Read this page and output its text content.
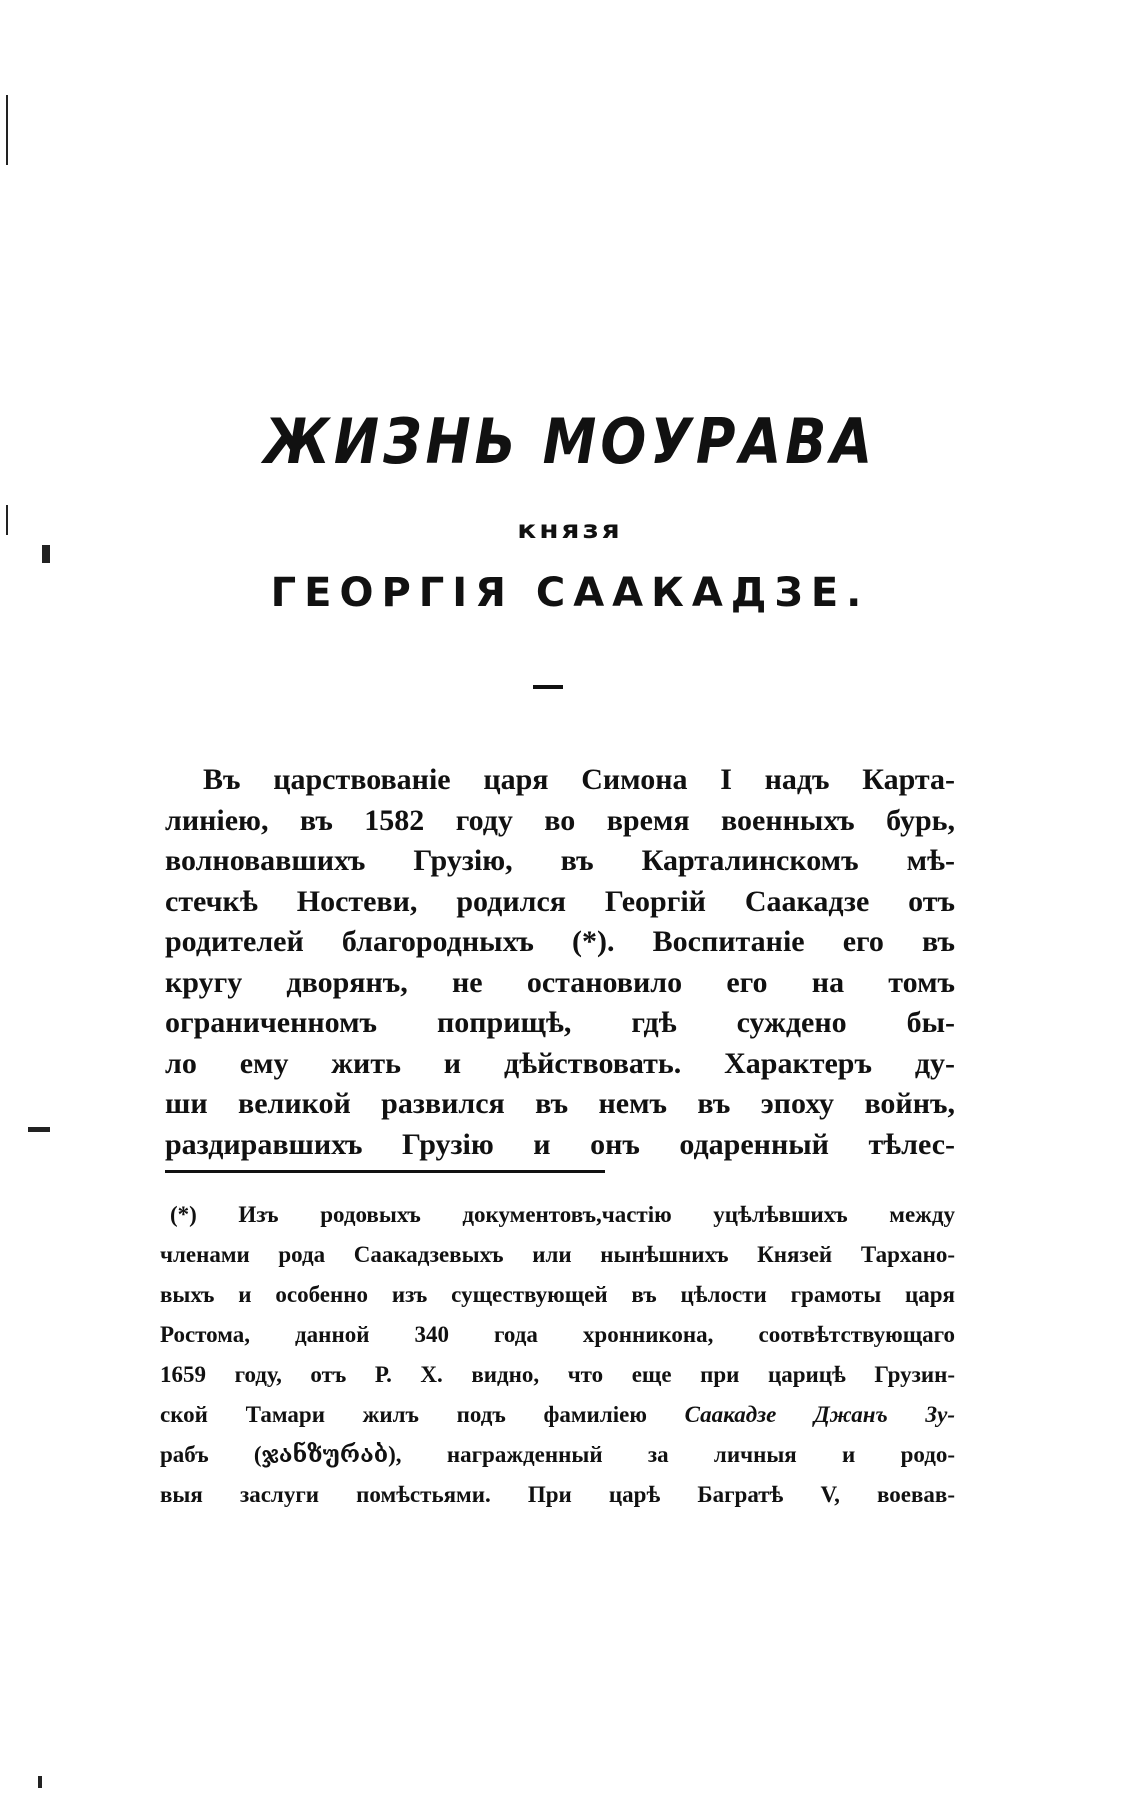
ЖИЗНЬ МОУРАВА
князя
ГЕОРГІЯ СААКАДЗЕ.
Въ царствованіе царя Симона I надъ Карта-
линіею, въ 1582 году во время военныхъ бурь,
волновавшихъ Грузію, въ Карталинскомъ мѣ-
стечкѣ Ностеви, родился Георгій Саакадзе отъ
родителей благородныхъ (*). Воспитаніе его въ
кругу дворянъ, не остановило его на томъ
ограниченномъ поприщѣ, гдѣ суждено бы-
ло ему жить и дѣйствовать. Характеръ ду-
ши великой развился въ немъ въ эпоху войнъ,
раздиравшихъ Грузію и онъ одаренный тѣлес-
(*) Изъ родовыхъ документовъ,частію уцѣлѣвшихъ между
членами рода Саакадзевыхъ или нынѣшнихъ Князей Тархано-
выхъ и особенно изъ существующей въ цѣлости грамоты царя
Ростома, данной 340 года хронникона, соотвѣтствующаго
1659 году, отъ Р. Х. видно, что еще при царицѣ Грузин-
ской Тамари жилъ подъ фамиліею Саакадзе Джанъ Зу-
рабъ (ჯანზურაბ), награжденный за личныя и родо-
выя заслуги помѣстьями. При царѣ Багратѣ V, воевав-
